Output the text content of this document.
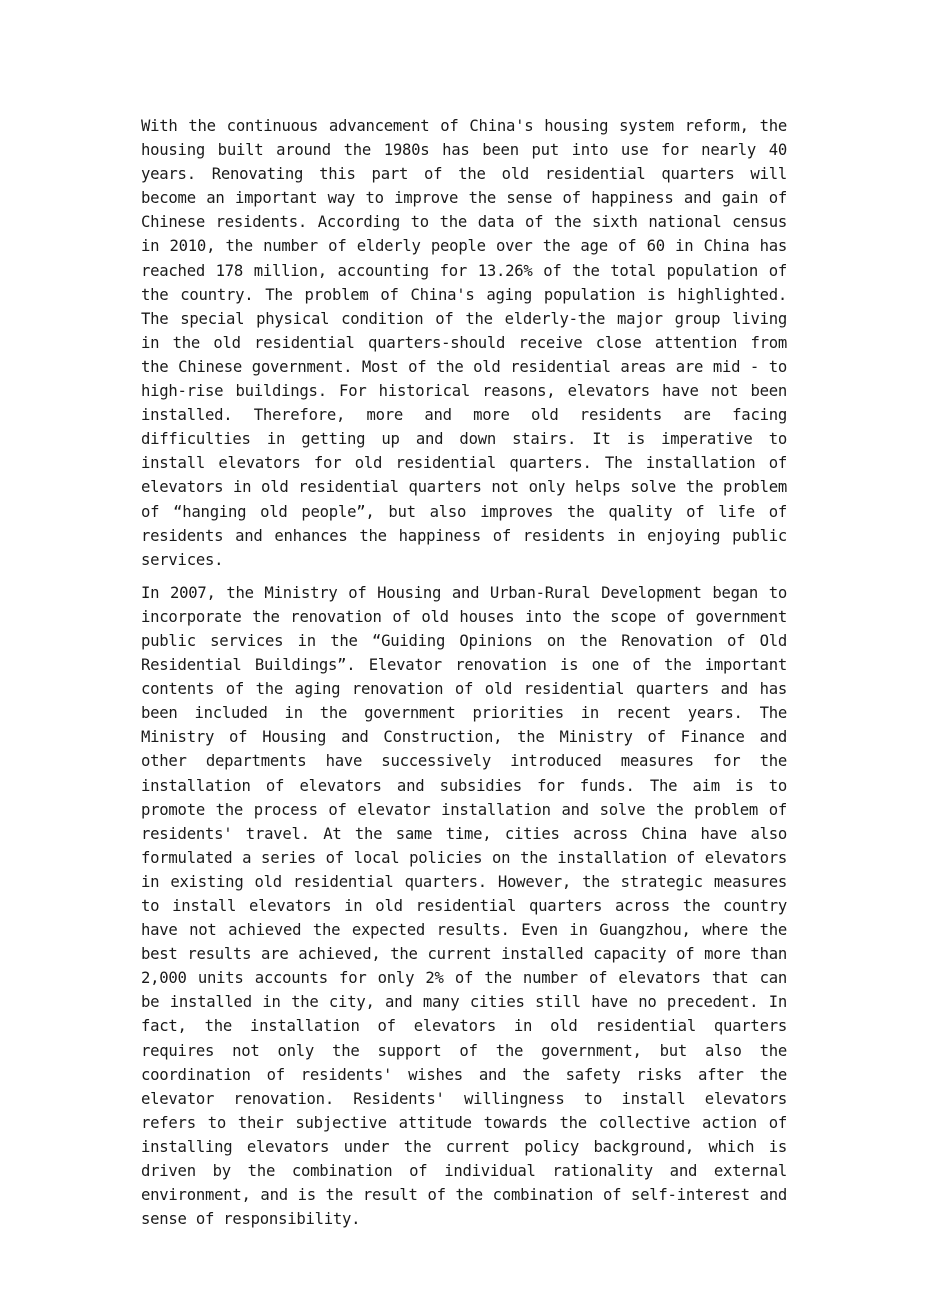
With the continuous advancement of China's housing system reform, the housing built around the 1980s has been put into use for nearly 40 years. Renovating this part of the old residential quarters will become an important way to improve the sense of happiness and gain of Chinese residents. According to the data of the sixth national census in 2010, the number of elderly people over the age of 60 in China has reached 178 million, accounting for 13.26% of the total population of the country. The problem of China's aging population is highlighted. The special physical condition of the elderly-the major group living in the old residential quarters-should receive close attention from the Chinese government. Most of the old residential areas are mid - to high-rise buildings. For historical reasons, elevators have not been installed. Therefore, more and more old residents are facing difficulties in getting up and down stairs. It is imperative to install elevators for old residential quarters. The installation of elevators in old residential quarters not only helps solve the problem of “hanging old people”, but also improves the quality of life of residents and enhances the happiness of residents in enjoying public services.

In 2007, the Ministry of Housing and Urban-Rural Development began to incorporate the renovation of old houses into the scope of government public services in the “Guiding Opinions on the Renovation of Old Residential Buildings”. Elevator renovation is one of the important contents of the aging renovation of old residential quarters and has been included in the government priorities in recent years. The Ministry of Housing and Construction, the Ministry of Finance and other departments have successively introduced measures for the installation of elevators and subsidies for funds. The aim is to promote the process of elevator installation and solve the problem of residents' travel. At the same time, cities across China have also formulated a series of local policies on the installation of elevators in existing old residential quarters. However, the strategic measures to install elevators in old residential quarters across the country have not achieved the expected results. Even in Guangzhou, where the best results are achieved, the current installed capacity of more than 2,000 units accounts for only 2% of the number of elevators that can be installed in the city, and many cities still have no precedent. In fact, the installation of elevators in old residential quarters requires not only the support of the government, but also the coordination of residents' wishes and the safety risks after the elevator renovation. Residents' willingness to install elevators refers to their subjective attitude towards the collective action of installing elevators under the current policy background, which is driven by the combination of individual rationality and external environment, and is the result of the combination of self-interest and sense of responsibility.
